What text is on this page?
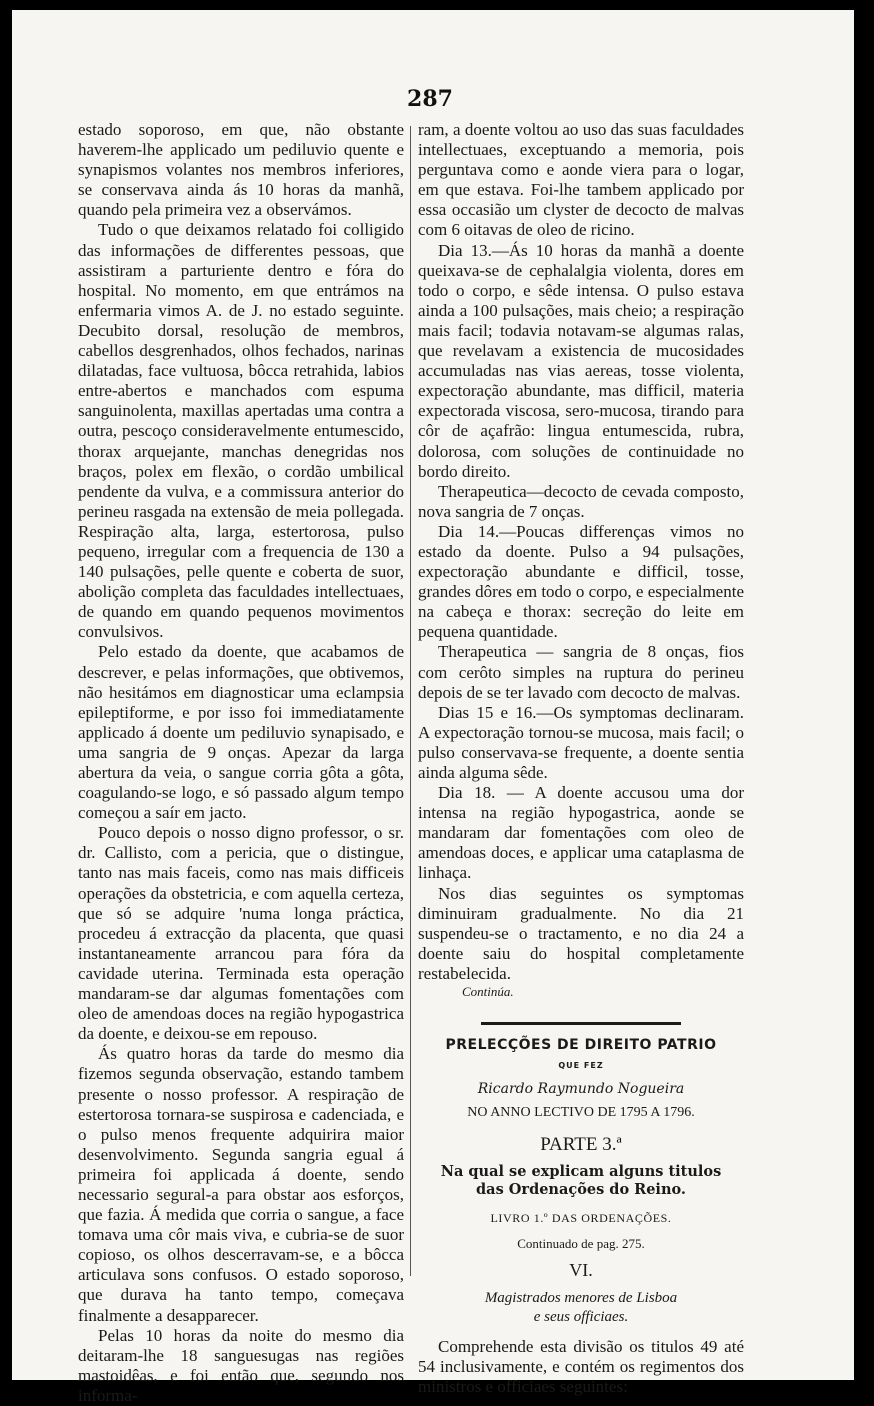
287

estado soporoso, em que, não obstante haverem-lhe applicado um pediluvio quente e synapismos volantes nos membros inferiores, se conservava ainda ás 10 horas da manhã, quando pela primeira vez a observámos.

Tudo o que deixamos relatado foi colligido das informações de differentes pessoas, que assistiram a parturiente dentro e fóra do hospital. No momento, em que entrámos na enfermaria vimos A. de J. no estado seguinte. Decubito dorsal, resolução de membros, cabellos desgrenhados, olhos fechados, narinas dilatadas, face vultuosa, bôcca retrahida, labios entre-abertos e manchados com espuma sanguinolenta, maxillas apertadas uma contra a outra, pescoço consideravelmente entumescido, thorax arquejante, manchas denegridas nos braços, polex em flexão, o cordão umbilical pendente da vulva, e a commissura anterior do perineu rasgada na extensão de meia pollegada. Respiração alta, larga, estertorosa, pulso pequeno, irregular com a frequencia de 130 a 140 pulsações, pelle quente e coberta de suor, abolição completa das faculdades intellectuaes, de quando em quando pequenos movimentos convulsivos.

Pelo estado da doente, que acabamos de descrever, e pelas informações, que obtivemos, não hesitámos em diagnosticar uma eclampsia epileptiforme, e por isso foi immediatamente applicado á doente um pediluvio synapisado, e uma sangria de 9 onças. Apezar da larga abertura da veia, o sangue corria gôta a gôta, coagulando-se logo, e só passado algum tempo começou a saír em jacto.

Pouco depois o nosso digno professor, o sr. dr. Callisto, com a pericia, que o distingue, tanto nas mais faceis, como nas mais difficeis operações da obstetricia, e com aquella certeza, que só se adquire 'numa longa práctica, procedeu á extracção da placenta, que quasi instantaneamente arrancou para fóra da cavidade uterina. Terminada esta operação mandaram-se dar algumas fomentações com oleo de amendoas doces na região hypogastrica da doente, e deixou-se em repouso.

Ás quatro horas da tarde do mesmo dia fizemos segunda observação, estando tambem presente o nosso professor. A respiração de estertorosa tornara-se suspirosa e cadenciada, e o pulso menos frequente adquirira maior desenvolvimento. Segunda sangria egual á primeira foi applicada á doente, sendo necessario segural-a para obstar aos esforços, que fazia. Á medida que corria o sangue, a face tomava uma côr mais viva, e cubria-se de suor copioso, os olhos descerravam-se, e a bôcca articulava sons confusos. O estado soporoso, que durava ha tanto tempo, começava finalmente a desapparecer.

Pelas 10 horas da noite do mesmo dia deitaram-lhe 18 sanguesugas nas regiões mastoidêas, e foi então que, segundo nos informa-

ram, a doente voltou ao uso das suas faculdades intellectuaes, exceptuando a memoria, pois perguntava como e aonde viera para o logar, em que estava. Foi-lhe tambem applicado por essa occasião um clyster de decocto de malvas com 6 oitavas de oleo de ricino.

Dia 13.—Ás 10 horas da manhã a doente queixava-se de cephalalgia violenta, dores em todo o corpo, e sêde intensa. O pulso estava ainda a 100 pulsações, mais cheio; a respiração mais facil; todavia notavam-se algumas ralas, que revelavam a existencia de mucosidades accumuladas nas vias aereas, tosse violenta, expectoração abundante, mas difficil, materia expectorada viscosa, sero-mucosa, tirando para côr de açafrão: lingua entumescida, rubra, dolorosa, com soluções de continuidade no bordo direito.

Therapeutica—decocto de cevada composto, nova sangria de 7 onças.

Dia 14.—Poucas differenças vimos no estado da doente. Pulso a 94 pulsações, expectoração abundante e difficil, tosse, grandes dôres em todo o corpo, e especialmente na cabeça e thorax: secreção do leite em pequena quantidade.

Therapeutica — sangria de 8 onças, fios com cerôto simples na ruptura do perineu depois de se ter lavado com decocto de malvas.

Dias 15 e 16.—Os symptomas declinaram. A expectoração tornou-se mucosa, mais facil; o pulso conservava-se frequente, a doente sentia ainda alguma sêde.

Dia 18. — A doente accusou uma dor intensa na região hypogastrica, aonde se mandaram dar fomentações com oleo de amendoas doces, e applicar uma cataplasma de linhaça.

Nos dias seguintes os symptomas diminuiram gradualmente. No dia 21 suspendeu-se o tractamento, e no dia 24 a doente saiu do hospital completamente restabelecida.

Continúa.

PRELECÇÕES DE DIREITO PATRIO

QUE FEZ

Ricardo Raymundo Nogueira

NO ANNO LECTIVO DE 1795 A 1796.

PARTE 3.ª

Na qual se explicam alguns titulos

das Ordenações do Reino.

LIVRO 1.º DAS ORDENAÇÕES.

Continuado de pag. 275.

VI.

Magistrados menores de Lisboa

e seus officiaes.

Comprehende esta divisão os titulos 49 até 54 inclusivamente, e contém os regimentos dos ministros e officiaes seguintes:
